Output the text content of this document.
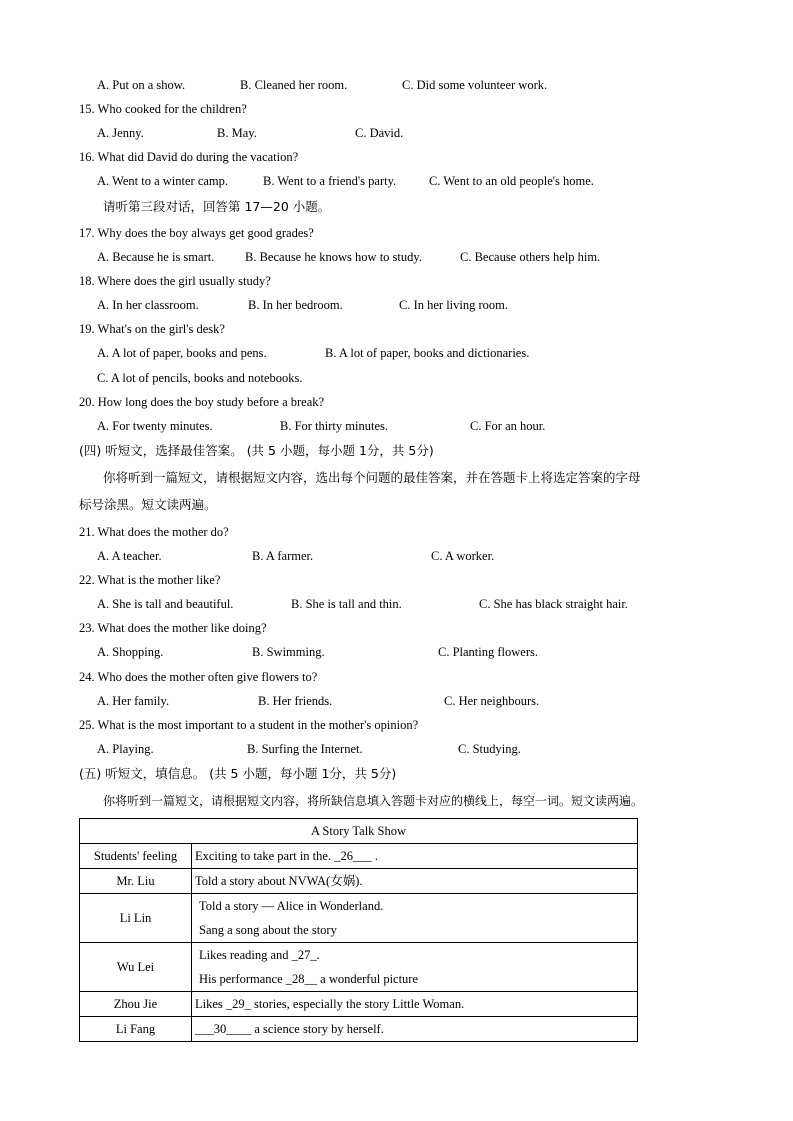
A. Put on a show.	B. Cleaned her room.	C. Did some volunteer work.
15. Who cooked for the children?
A. Jenny.	B. May.	C. David.
16. What did David do during the vacation?
A. Went to a winter camp.	B. Went to a friend's party.	C. Went to an old people's home.
请听第三段对话，回答第 17—20 小题。
17. Why does the boy always get good grades?
A. Because he is smart. B. Because he knows how to study.	C. Because others help him.
18. Where does the girl usually study?
A. In her classroom.	B. In her bedroom.	C. In her living room.
19. What's on the girl's desk?
A. A lot of paper, books and pens.	B. A lot of paper, books and dictionaries.
C. A lot of pencils, books and notebooks.
20. How long does the boy study before a break?
A. For twenty minutes.	B. For thirty minutes.	C. For an hour.
(四) 听短文，选择最佳答案。 (共 5 小题，每小题 1分，共 5分)
你将听到一篇短文，请根据短文内容，选出每个问题的最佳答案，并在答题卡上将选定答案的字母
标号涂黑。短文读两遍。
21. What does the mother do?
A. A teacher.	B. A farmer.	C. A worker.
22. What is the mother like?
A. She is tall and beautiful.	B. She is tall and thin.	C. She has black straight hair.
23. What does the mother like doing?
A. Shopping.	B. Swimming.	C. Planting flowers.
24. Who does the mother often give flowers to?
A. Her family.	B. Her friends.	C. Her neighbours.
25. What is the most important to a student in the mother's opinion?
A. Playing.	B. Surfing the Internet.	C. Studying.
(五) 听短文，填信息。 (共 5 小题，每小题 1分，共 5分)
你将听到一篇短文，请根据短文内容，将所缺信息填入答题卡对应的横线上，每空一词。短文读两遍。
A Story Talk Show	
Students' feeling	Exciting to take part in the. _26___ .
Mr. Liu	Told a story about NVWA(女娲).
Li Lin	Told a story — Alice in Wonderland.
Sang a song about the story

Wu Lei	Likes reading and _27_.
His performance _28__ a wonderful picture

Zhou Jie	Likes _29_ stories, especially the story Little Woman.
Li Fang	___30____ a science story by herself.
